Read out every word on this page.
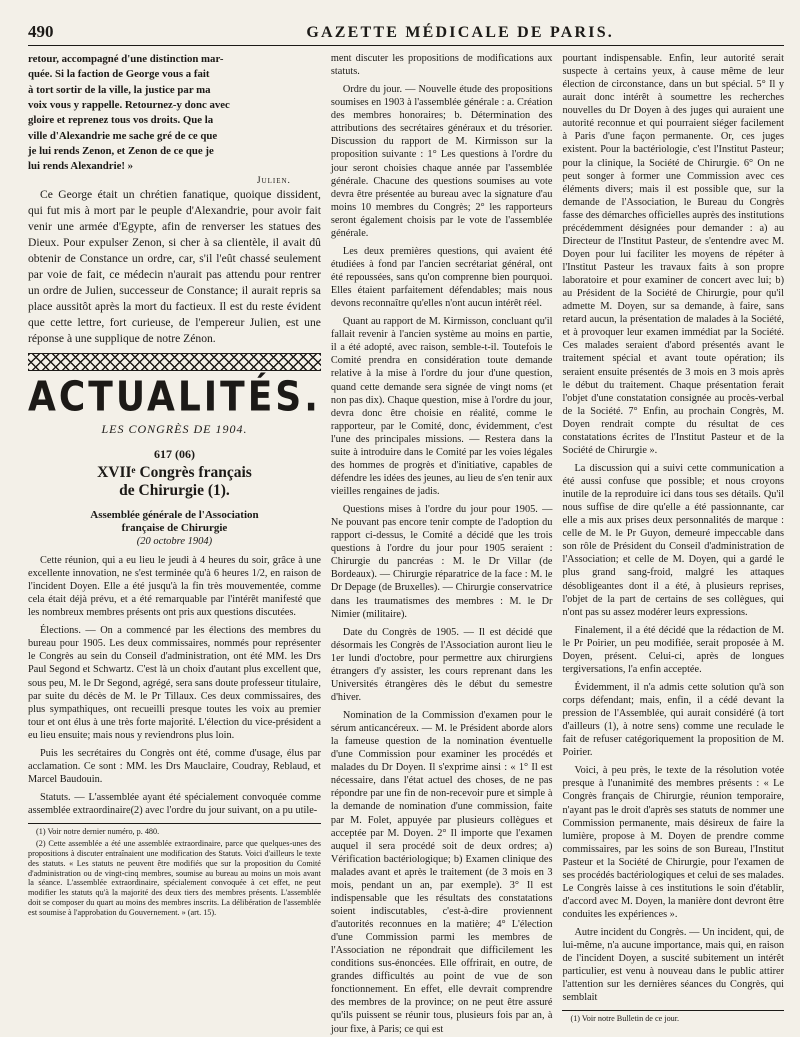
490	GAZETTE MÉDICALE DE PARIS.

retour, accompagné d'une distinction mar-

quée. Si la faction de George vous a fait

à tort sortir de la ville, la justice par ma

voix vous y rappelle. Retournez-y donc avec

gloire et reprenez tous vos droits. Que la

ville d'Alexandrie me sache gré de ce que

je lui rends Zenon, et Zenon de ce que je

lui rends Alexandrie! »

Julien.

Ce George était un chrétien fanatique, quoique dissident, qui fut mis à mort par le peuple d'Alexandrie, pour avoir fait venir une armée d'Egypte, afin de renverser les statues des Dieux. Pour expulser Zenon, si cher à sa clientèle, il avait dû obtenir de Constance un ordre, car, s'il l'eût chassé seulement par voie de fait, ce médecin n'aurait pas attendu pour rentrer un ordre de Julien, successeur de Constance; il aurait repris sa place aussitôt après la mort du factieux. Il est du reste évident que cette lettre, fort curieuse, de l'empereur Julien, est une réponse à une supplique de notre Zénon.

ACTUALITÉS.
LES CONGRÈS DE 1904.
617 (06)
XVIIᵉ Congrès français
de Chirurgie (1).
Assemblée générale de l'Association
française de Chirurgie
(20 octobre 1904)

Cette réunion, qui a eu lieu le jeudi à 4 heures du soir, grâce à une excellente innovation, ne s'est terminée qu'à 6 heures 1/2, en raison de l'incident Doyen. Elle a été jusqu'à la fin très mouvementée, comme cela était déjà prévu, et a été remarquable par l'intérêt manifesté que les nombreux membres présents ont pris aux questions discutées.

Élections. — On a commencé par les élections des membres du bureau pour 1905. Les deux commissaires, nommés pour représenter le Congrès au sein du Conseil d'administration, ont été MM. les Drs Paul Segond et Schwartz. C'est là un choix d'autant plus excellent que, sous peu, M. le Dr Segond, agrégé, sera sans doute professeur titulaire, par suite du décès de M. le Pr Tillaux. Ces deux commissaires, des plus sympathiques, ont recueilli presque toutes les voix au premier tour et ont élus à une très forte majorité. L'élection du vice-président a eu lieu ensuite; mais nous y reviendrons plus loin.

Puis les secrétaires du Congrès ont été, comme d'usage, élus par acclamation. Ce sont : MM. les Drs Mauclaire, Coudray, Reblaud, et Marcel Baudouin.

Statuts. — L'assemblée ayant été spécialement convoquée comme assemblée extraordinaire(2) avec l'ordre du jour suivant, on a pu utile-

(1) Voir notre dernier numéro, p. 480.

(2) Cette assemblée a été une assemblée extraordinaire, parce que quelques-unes des propositions à discuter entraînaient une modification des Statuts. Voici d'ailleurs le texte des statuts. « Les statuts ne peuvent être modifiés que sur la proposition du Comité d'administration ou de vingt-cinq membres, soumise au bureau au moins un mois avant la séance. L'assemblée extraordinaire, spécialement convoquée à cet effet, ne peut modifier les statuts qu'à la majorité des deux tiers des membres présents. L'assemblée doit se composer du quart au moins des membres inscrits. La délibération de l'assemblée est soumise à l'approbation du Gouvernement. » (art. 15).

ment discuter les propositions de modifications aux statuts.

Ordre du jour. — Nouvelle étude des propositions soumises en 1903 à l'assemblée générale : a. Création des membres honoraires; b. Détermination des attributions des secrétaires généraux et du trésorier. Discussion du rapport de M. Kirmisson sur la proposition suivante : 1° Les questions à l'ordre du jour seront choisies chaque année par l'assemblée générale. Chacune des questions soumises au vote devra être présentée au bureau avec la signature d'au moins 10 membres du Congrès; 2° les rapporteurs seront également choisis par le vote de l'assemblée générale.

Les deux premières questions, qui avaient été étudiées à fond par l'ancien secrétariat général, ont été repoussées, sans qu'on comprenne bien pourquoi. Elles étaient parfaitement défendables; mais nous devons reconnaître qu'elles n'ont aucun intérêt réel.

Quant au rapport de M. Kirmisson, concluant qu'il fallait revenir à l'ancien système au moins en partie, il a été adopté, avec raison, semble-t-il. Toutefois le Comité prendra en considération toute demande relative à la mise à l'ordre du jour d'une question, quand cette demande sera signée de vingt noms (et non pas dix). Chaque question, mise à l'ordre du jour, devra donc être choisie en réalité, comme le rapporteur, par le Comité, donc, évidemment, c'est l'une des principales missions. — Restera dans la suite à introduire dans le Comité par les voies légales des hommes de progrès et d'initiative, capables de défendre les idées des jeunes, au lieu de s'en tenir aux vieilles rengaines de jadis.

Questions mises à l'ordre du jour pour 1905. — Ne pouvant pas encore tenir compte de l'adoption du rapport ci-dessus, le Comité a décidé que les trois questions à l'ordre du jour pour 1905 seraient : Chirurgie du pancréas : M. le Dr Villar (de Bordeaux). — Chirurgie réparatrice de la face : M. le Dr Depage (de Bruxelles). — Chirurgie conservatrice dans les traumatismes des membres : M. le Dr Nimier (militaire).

Date du Congrès de 1905. — Il est décidé que désormais les Congrès de l'Association auront lieu le 1er lundi d'octobre, pour permettre aux chirurgiens étrangers d'y assister, les cours reprenant dans les Universités étrangères dès le début du semestre d'hiver.

Nomination de la Commission d'examen pour le sérum anticancéreux. — M. le Président aborde alors la fameuse question de la nomination éventuelle d'une Commission pour examiner les procédés et malades du Dr Doyen. Il s'exprime ainsi : « 1° Il est nécessaire, dans l'état actuel des choses, de ne pas répondre par une fin de non-recevoir pure et simple à la demande de nomination d'une commission, faite par M. Folet, appuyée par plusieurs collègues et acceptée par M. Doyen. 2° Il importe que l'examen auquel il sera procédé soit de deux ordres; a) Vérification bactériologique; b) Examen clinique des malades avant et après le traitement (de 3 mois en 3 mois, pendant un an, par exemple). 3° Il est indispensable que les résultats des constatations soient indiscutables, c'est-à-dire proviennent d'autorités reconnues en la matière; 4° L'élection d'une Commission parmi les membres de l'Association ne répondrait que difficilement les conditions sus-énoncées. Elle offrirait, en outre, de grandes difficultés au point de vue de son fonctionnement. En effet, elle devrait comprendre des membres de la province; on ne peut être assuré qu'ils puissent se réunir tous, plusieurs fois par an, à jour fixe, à Paris; ce qui est

pourtant indispensable. Enfin, leur autorité serait suspecte à certains yeux, à cause même de leur élection de circonstance, dans un but spécial. 5° Il y aurait donc intérêt à soumettre les recherches nouvelles du Dr Doyen à des juges qui auraient une autorité reconnue et qui pourraient siéger facilement à Paris d'une façon permanente. Or, ces juges existent. Pour la bactériologie, c'est l'Institut Pasteur; pour la clinique, la Société de Chirurgie. 6° On ne peut songer à former une Commission avec ces éléments divers; mais il est possible que, sur la demande de l'Association, le Bureau du Congrès fasse des démarches officielles auprès des institutions précédemment désignées pour demander : a) au Directeur de l'Institut Pasteur, de s'entendre avec M. Doyen pour lui faciliter les moyens de répéter à l'Institut Pasteur les travaux faits à son propre laboratoire et pour examiner de concert avec lui; b) au Président de la Société de Chirurgie, pour qu'il admette M. Doyen, sur sa demande, à faire, sans retard aucun, la présentation de malades à la Société, et à provoquer leur examen immédiat par la Société. Ces malades seraient d'abord présentés avant le traitement spécial et avant toute opération; ils seraient ensuite présentés de 3 mois en 3 mois après le début du traitement. Chaque présentation ferait l'objet d'une constatation consignée au procès-verbal de la Société. 7° Enfin, au prochain Congrès, M. Doyen rendrait compte du résultat de ces constatations écrites de l'Institut Pasteur et de la Société de Chirurgie ».

La discussion qui a suivi cette communication a été aussi confuse que possible; et nous croyons inutile de la reproduire ici dans tous ses détails. Qu'il nous suffise de dire qu'elle a été passionnante, car elle a mis aux prises deux personnalités de marque : celle de M. le Pr Guyon, demeuré impeccable dans son rôle de Président du Conseil d'administration de l'Association; et celle de M. Doyen, qui a gardé le plus grand sang-froid, malgré les attaques désobligeantes dont il a été, à plusieurs reprises, l'objet de la part de certains de ses collègues, qui n'ont pas su assez modérer leurs expressions.

Finalement, il a été décidé que la rédaction de M. le Pr Poirier, un peu modifiée, serait proposée à M. Doyen, présent. Celui-ci, après de longues tergiversations, l'a enfin acceptée.

Évidemment, il n'a admis cette solution qu'à son corps défendant; mais, enfin, il a cédé devant la pression de l'Assemblée, qui aurait considéré (à tort d'ailleurs (1), à notre sens) comme une reculade le fait de refuser catégoriquement la proposition de M. Poirier.

Voici, à peu près, le texte de la résolution votée presque à l'unanimité des membres présents : « Le Congrès français de Chirurgie, réunion temporaire, n'ayant pas le droit d'après ses statuts de nommer une Commission permanente, mais désireux de faire la lumière, propose à M. Doyen de prendre comme commissaires, par les soins de son Bureau, l'Institut Pasteur et la Société de Chirurgie, pour l'examen de ses procédés bactériologiques et celui de ses malades. Le Congrès laisse à ces institutions le soin d'établir, d'accord avec M. Doyen, la manière dont devront être conduites les expériences ».

Autre incident du Congrès. — Un incident, qui, de lui-même, n'a aucune importance, mais qui, en raison de l'incident Doyen, a suscité subitement un intérêt particulier, est venu à nouveau dans le public attirer l'attention sur les dernières séances du Congrès, qui semblait

(1) Voir notre Bulletin de ce jour.
